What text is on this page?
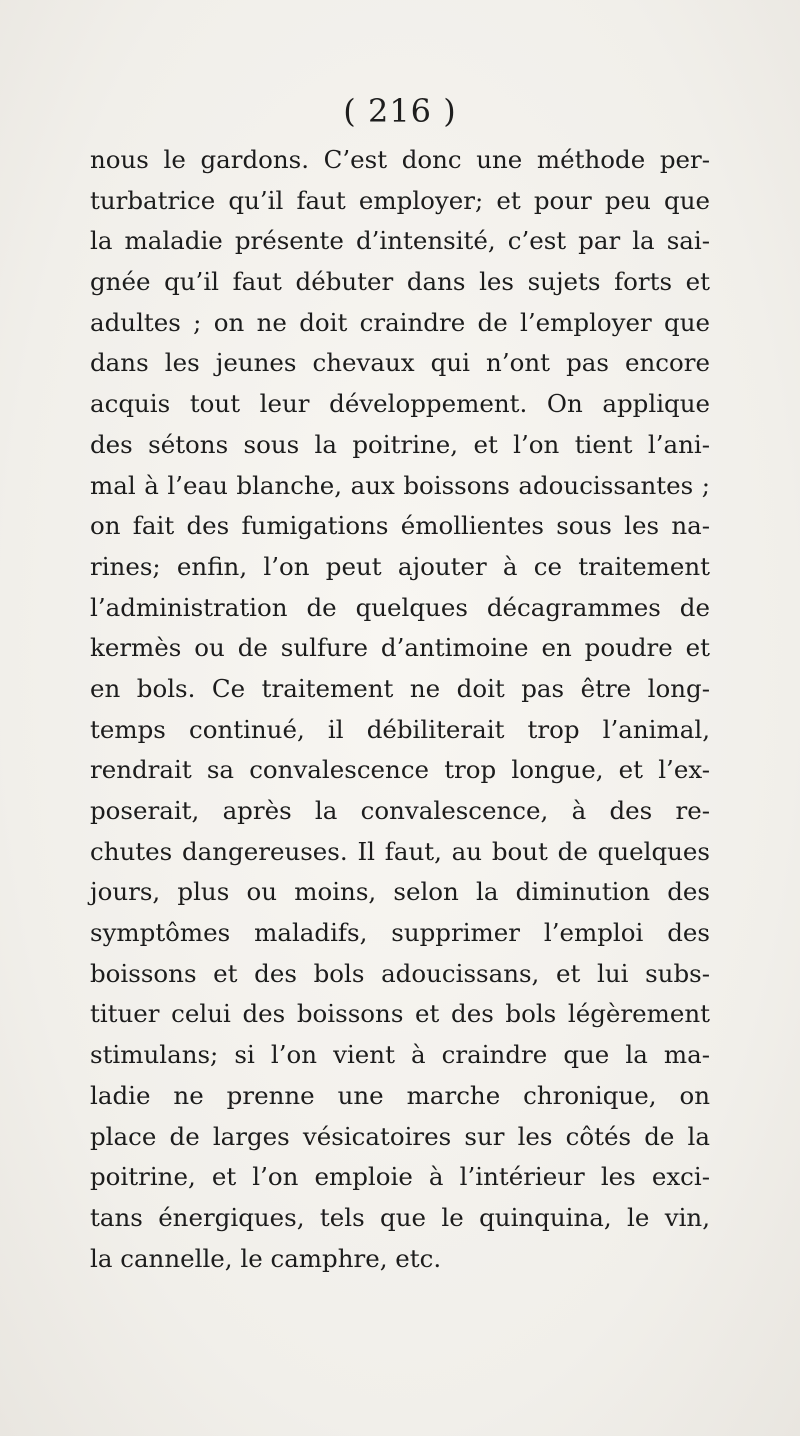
( 216 )
nous le gardons. C’est donc une méthode per-
turbatrice qu’il faut employer; et pour peu que
la maladie présente d’intensité, c’est par la sai-
gnée qu’il faut débuter dans les sujets forts et
adultes ; on ne doit craindre de l’employer que
dans les jeunes chevaux qui n’ont pas encore
acquis tout leur développement. On applique
des sétons sous la poitrine, et l’on tient l’ani-
mal à l’eau blanche, aux boissons adoucissantes ;
on fait des fumigations émollientes sous les na-
rines; enfin, l’on peut ajouter à ce traitement
l’administration de quelques décagrammes de
kermès ou de sulfure d’antimoine en poudre et
en bols. Ce traitement ne doit pas être long-
temps continué, il débiliterait trop l’animal,
rendrait sa convalescence trop longue, et l’ex-
poserait, après la convalescence, à des re-
chutes dangereuses. Il faut, au bout de quelques
jours, plus ou moins, selon la diminution des
symptômes maladifs, supprimer l’emploi des
boissons et des bols adoucissans, et lui subs-
tituer celui des boissons et des bols légèrement
stimulans; si l’on vient à craindre que la ma-
ladie ne prenne une marche chronique, on
place de larges vésicatoires sur les côtés de la
poitrine, et l’on emploie à l’intérieur les exci-
tans énergiques, tels que le quinquina, le vin,
la cannelle, le camphre, etc.
